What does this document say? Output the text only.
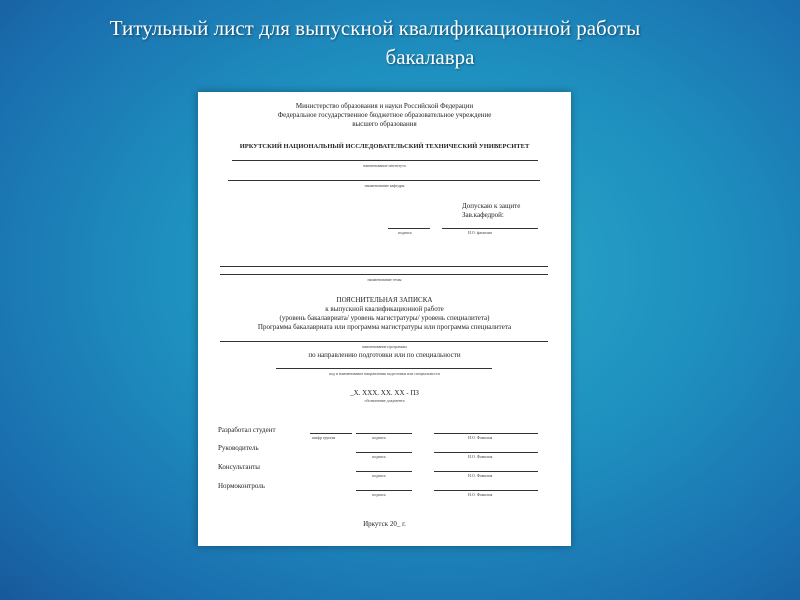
Титульный лист для выпускной квалификационной работы
бакалавра
Министерство образования и науки Российской Федерации
Федеральное государственное бюджетное образовательное учреждение
высшего образования
ИРКУТСКИЙ НАЦИОНАЛЬНЫЙ ИССЛЕДОВАТЕЛЬСКИЙ ТЕХНИЧЕСКИЙ УНИВЕРСИТЕТ
наименование института
наименование кафедры
Допускаю к защите
Зав.кафедрой:
подпись	И.О. фамилия
наименование темы
ПОЯСНИТЕЛЬНАЯ ЗАПИСКА
к выпускной квалификационной работе
(уровень бакалавриата/ уровень магистратуры/ уровень специалитета)
Программа бакалавриата или программа магистратуры или программа специалитета
наименование программы
по направлению подготовки или по специальности
код и наименование направления подготовки или специальности
_Х. ХХХ. ХХ. ХХ - ПЗ
обозначение документа
Разработал студент
шифр группы	подпись	И.О. Фамилия
Руководитель
подпись	И.О. Фамилия
Консультанты
подпись	И.О. Фамилия
Нормоконтроль
подпись	И.О. Фамилия
Иркутск 20_ г.
